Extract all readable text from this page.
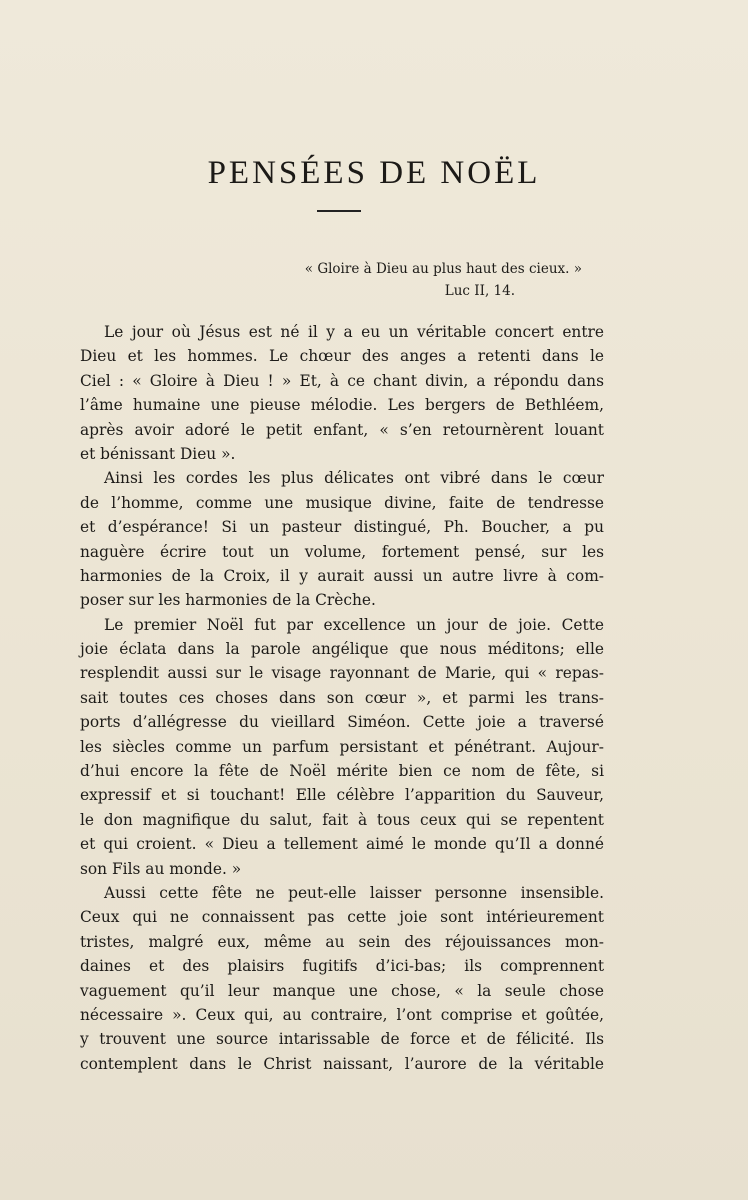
PENSÉES DE NOËL
« Gloire à Dieu au plus haut des cieux. »
Luc II, 14.
Le jour où Jésus est né il y a eu un véritable concert entre
Dieu et les hommes. Le chœur des anges a retenti dans le
Ciel : « Gloire à Dieu ! » Et, à ce chant divin, a répondu dans
l’âme humaine une pieuse mélodie. Les bergers de Bethléem,
après avoir adoré le petit enfant, « s’en retournèrent louant
et bénissant Dieu ».
Ainsi les cordes les plus délicates ont vibré dans le cœur
de l’homme, comme une musique divine, faite de tendresse
et d’espérance! Si un pasteur distingué, Ph. Boucher, a pu
naguère écrire tout un volume, fortement pensé, sur les
harmonies de la Croix, il y aurait aussi un autre livre à com-
poser sur les harmonies de la Crèche.
Le premier Noël fut par excellence un jour de joie. Cette
joie éclata dans la parole angélique que nous méditons; elle
resplendit aussi sur le visage rayonnant de Marie, qui « repas-
sait toutes ces choses dans son cœur », et parmi les trans-
ports d’allégresse du vieillard Siméon. Cette joie a traversé
les siècles comme un parfum persistant et pénétrant. Aujour-
d’hui encore la fête de Noël mérite bien ce nom de fête, si
expressif et si touchant! Elle célèbre l’apparition du Sauveur,
le don magnifique du salut, fait à tous ceux qui se repentent
et qui croient. « Dieu a tellement aimé le monde qu’Il a donné
son Fils au monde. »
Aussi cette fête ne peut-elle laisser personne insensible.
Ceux qui ne connaissent pas cette joie sont intérieurement
tristes, malgré eux, même au sein des réjouissances mon-
daines et des plaisirs fugitifs d’ici-bas; ils comprennent
vaguement qu’il leur manque une chose, « la seule chose
nécessaire ». Ceux qui, au contraire, l’ont comprise et goûtée,
y trouvent une source intarissable de force et de félicité. Ils
contemplent dans le Christ naissant, l’aurore de la véritable
